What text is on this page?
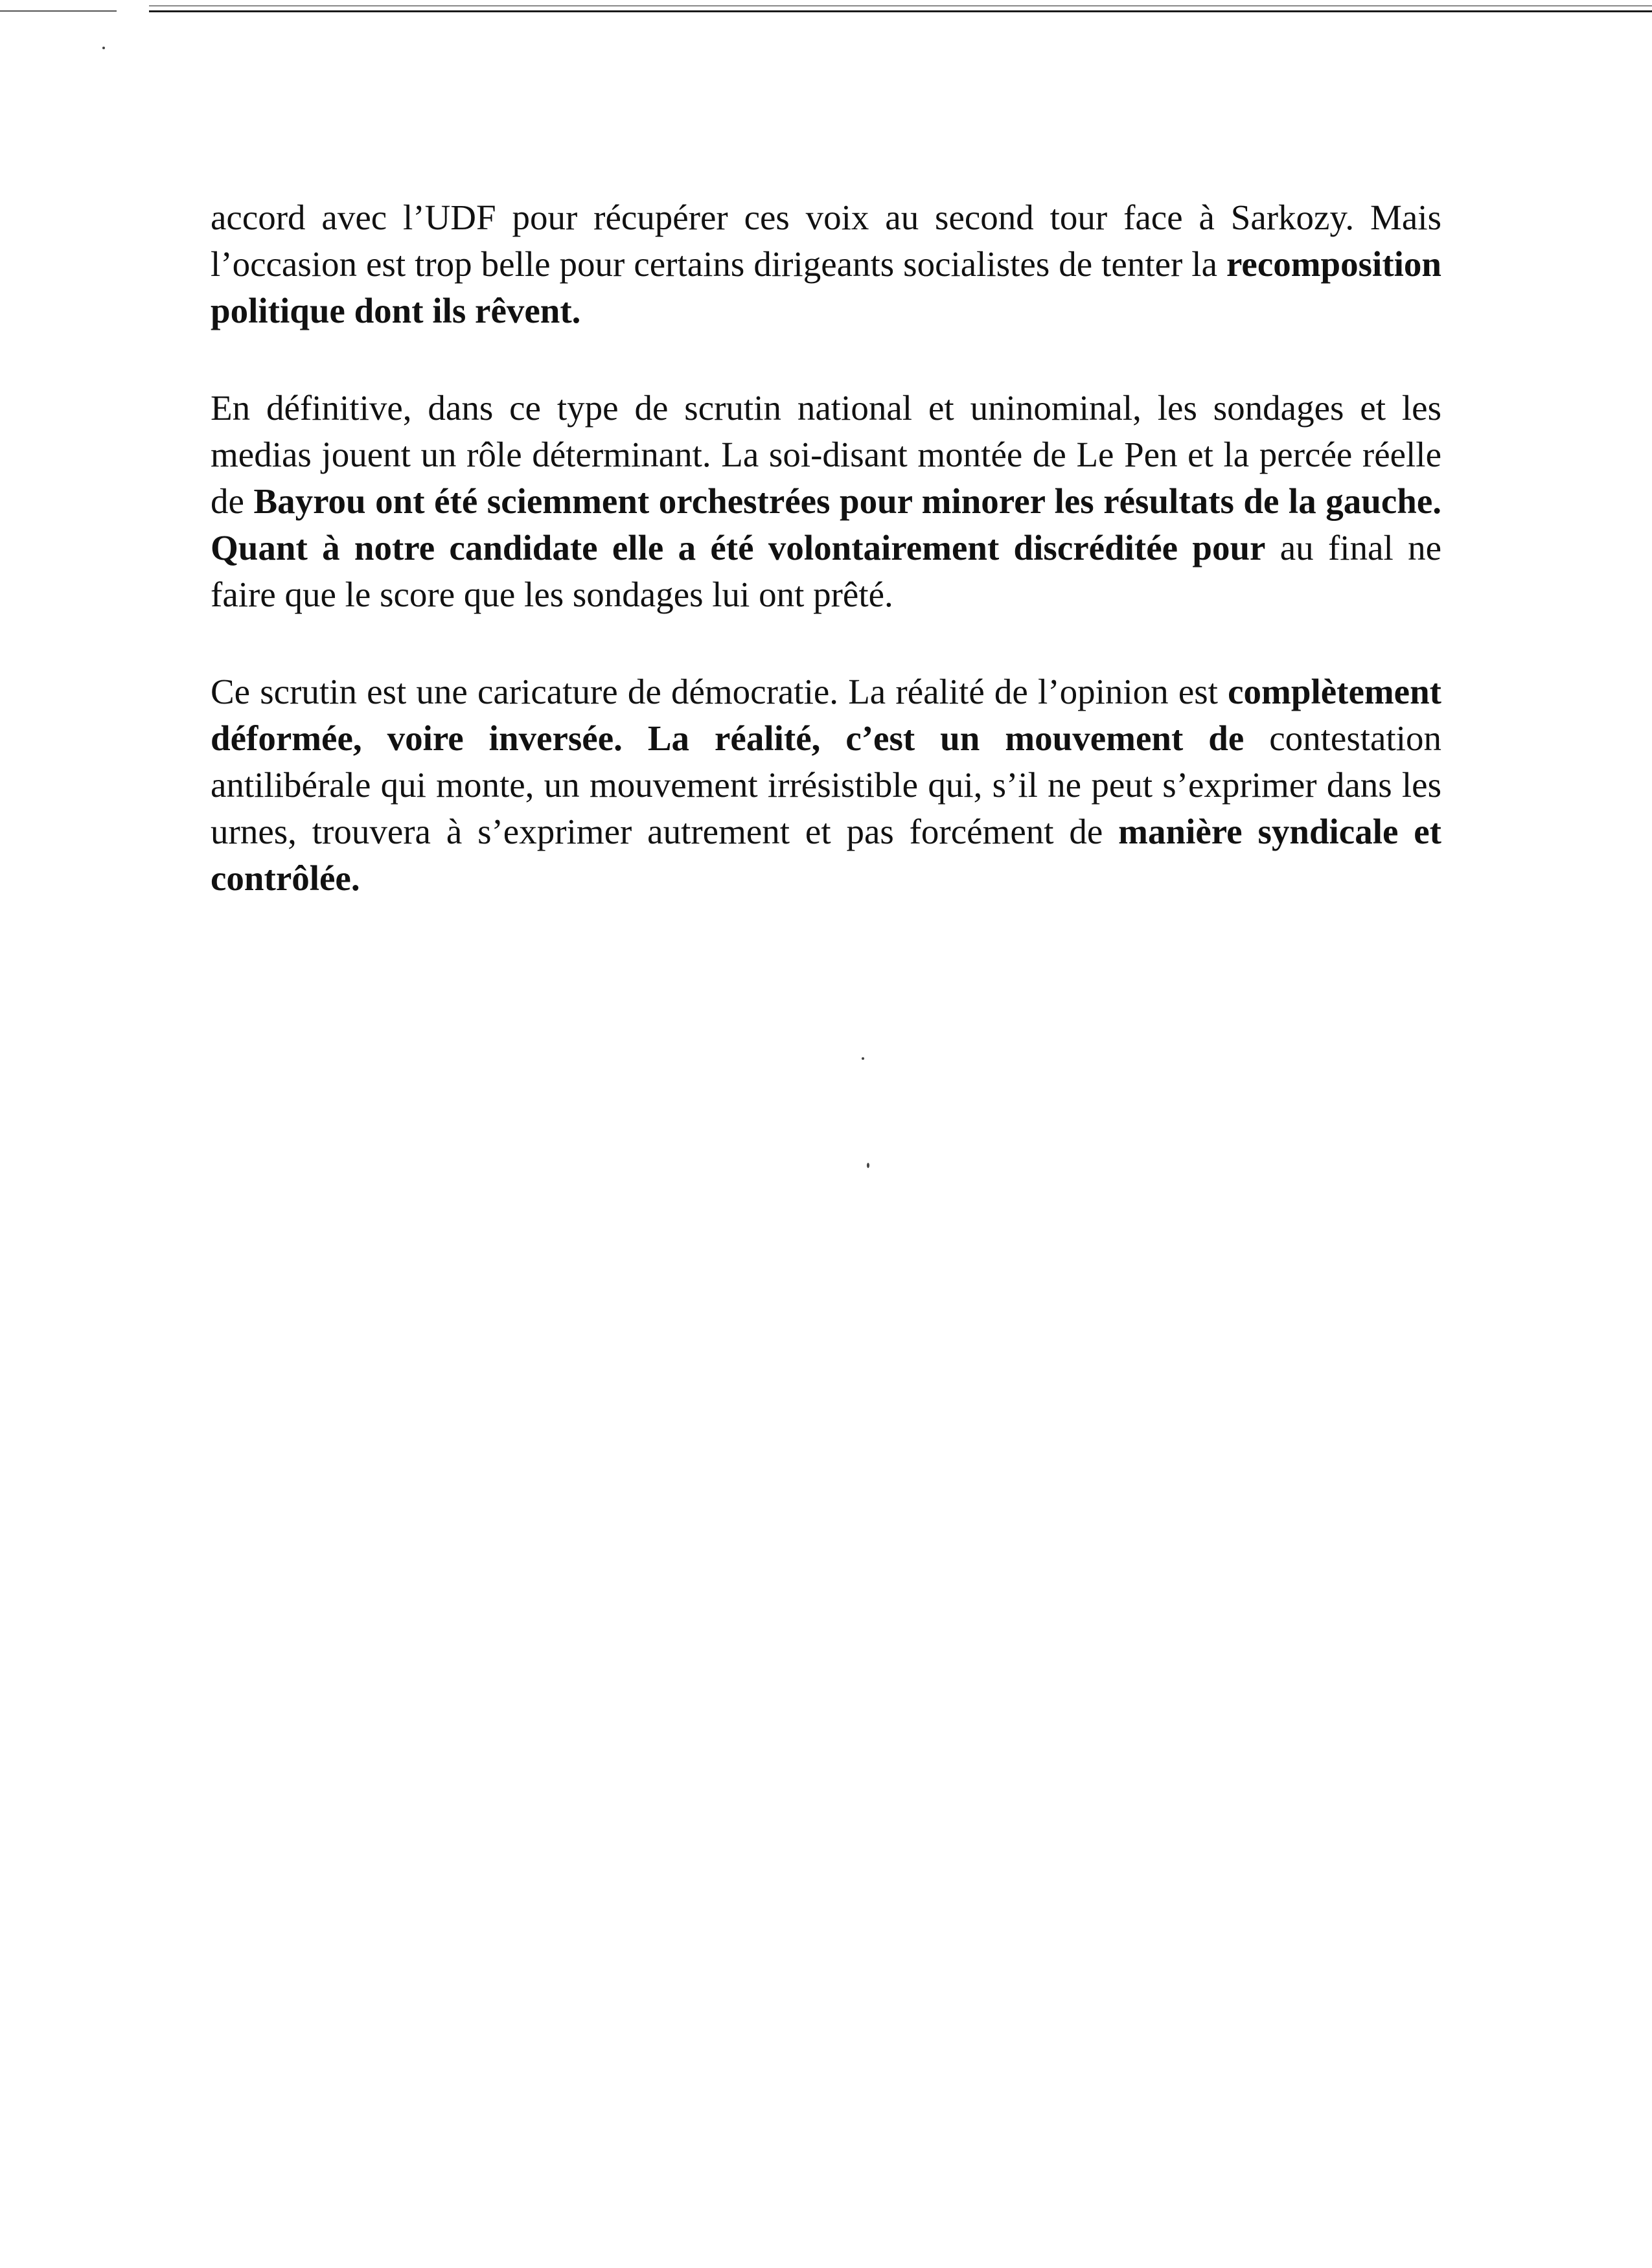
accord avec l’UDF pour récupérer ces voix au second tour face à Sarkozy. Mais l’occasion est trop belle pour certains dirigeants socialistes de tenter la recomposition politique dont ils rêvent.

En définitive, dans ce type de scrutin national et uninominal, les sondages et les medias jouent un rôle déterminant. La soi-disant montée de Le Pen et la percée réelle de Bayrou ont été sciemment orchestrées pour minorer les résultats de la gauche. Quant à notre candidate elle a été volontairement discréditée pour au final ne faire que le score que les sondages lui ont prêté.

Ce scrutin est une caricature de démocratie. La réalité de l’opinion est complètement déformée, voire inversée. La réalité, c’est un mouvement de contestation antilibérale qui monte, un mouvement irrésistible qui, s’il ne peut s’exprimer dans les urnes, trouvera à s’exprimer autrement et pas forcément de manière syndicale et contrôlée.
